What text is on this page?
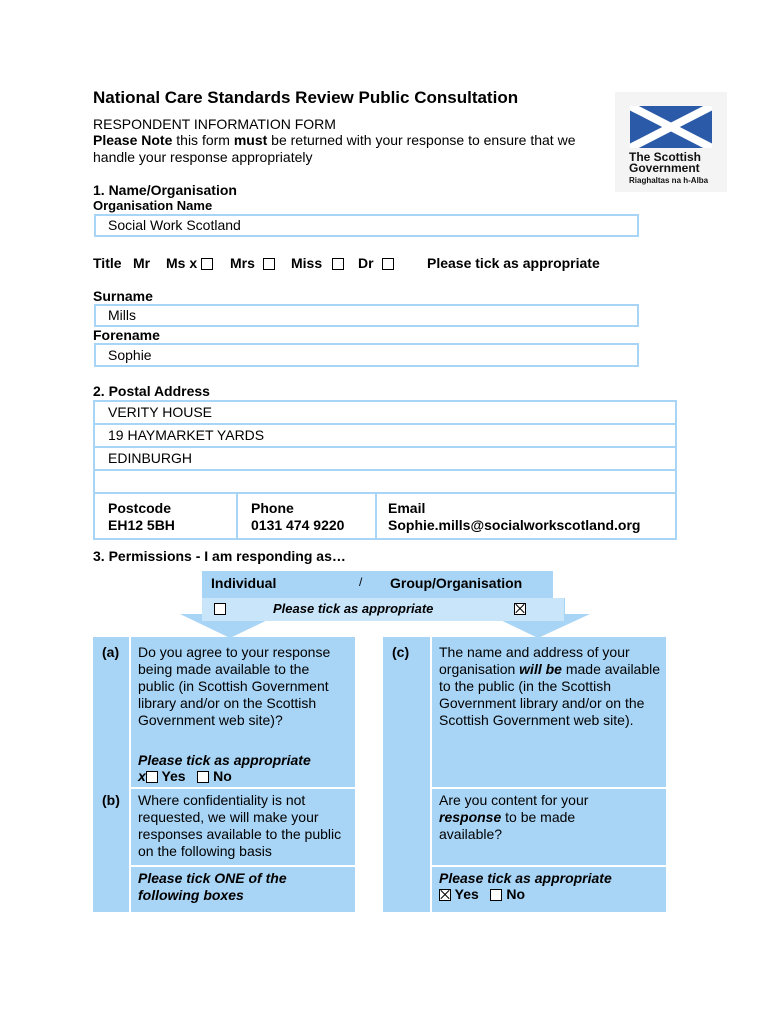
National Care Standards Review Public Consultation
RESPONDENT INFORMATION FORM
Please Note this form must be returned with your response to ensure that we handle your response appropriately	The Scottish
Government
Riaghaltas na h-Alba
1. Name/Organisation
Organisation Name
Social Work Scotland
Title Mr Ms x Mrs	Miss	Dr	Please tick as appropriate
Surname
Mills
Forename
Sophie
2. Postal Address
VERITY HOUSE
19 HAYMARKET YARDS
EDINBURGH
Postcode
EH12 5BH
Phone
0131 474 9220
Email
Sophie.mills@socialworkscotland.org
3. Permissions - I am responding as…
Individual	/ Group/Organisation
Please tick as appropriate
(a) Do you agree to your response being made available to the public (in Scottish Government library and/or on the Scottish Government web site)?
Please tick as appropriate
x Yes No
(b) Where confidentiality is not requested, we will make your responses available to the public on the following basis
Please tick ONE of the following boxes
(c) The name and address of your organisation will be made available to the public (in the Scottish Government library and/or on the Scottish Government web site).
Are you content for your response to be made available?
Please tick as appropriate
Yes No
